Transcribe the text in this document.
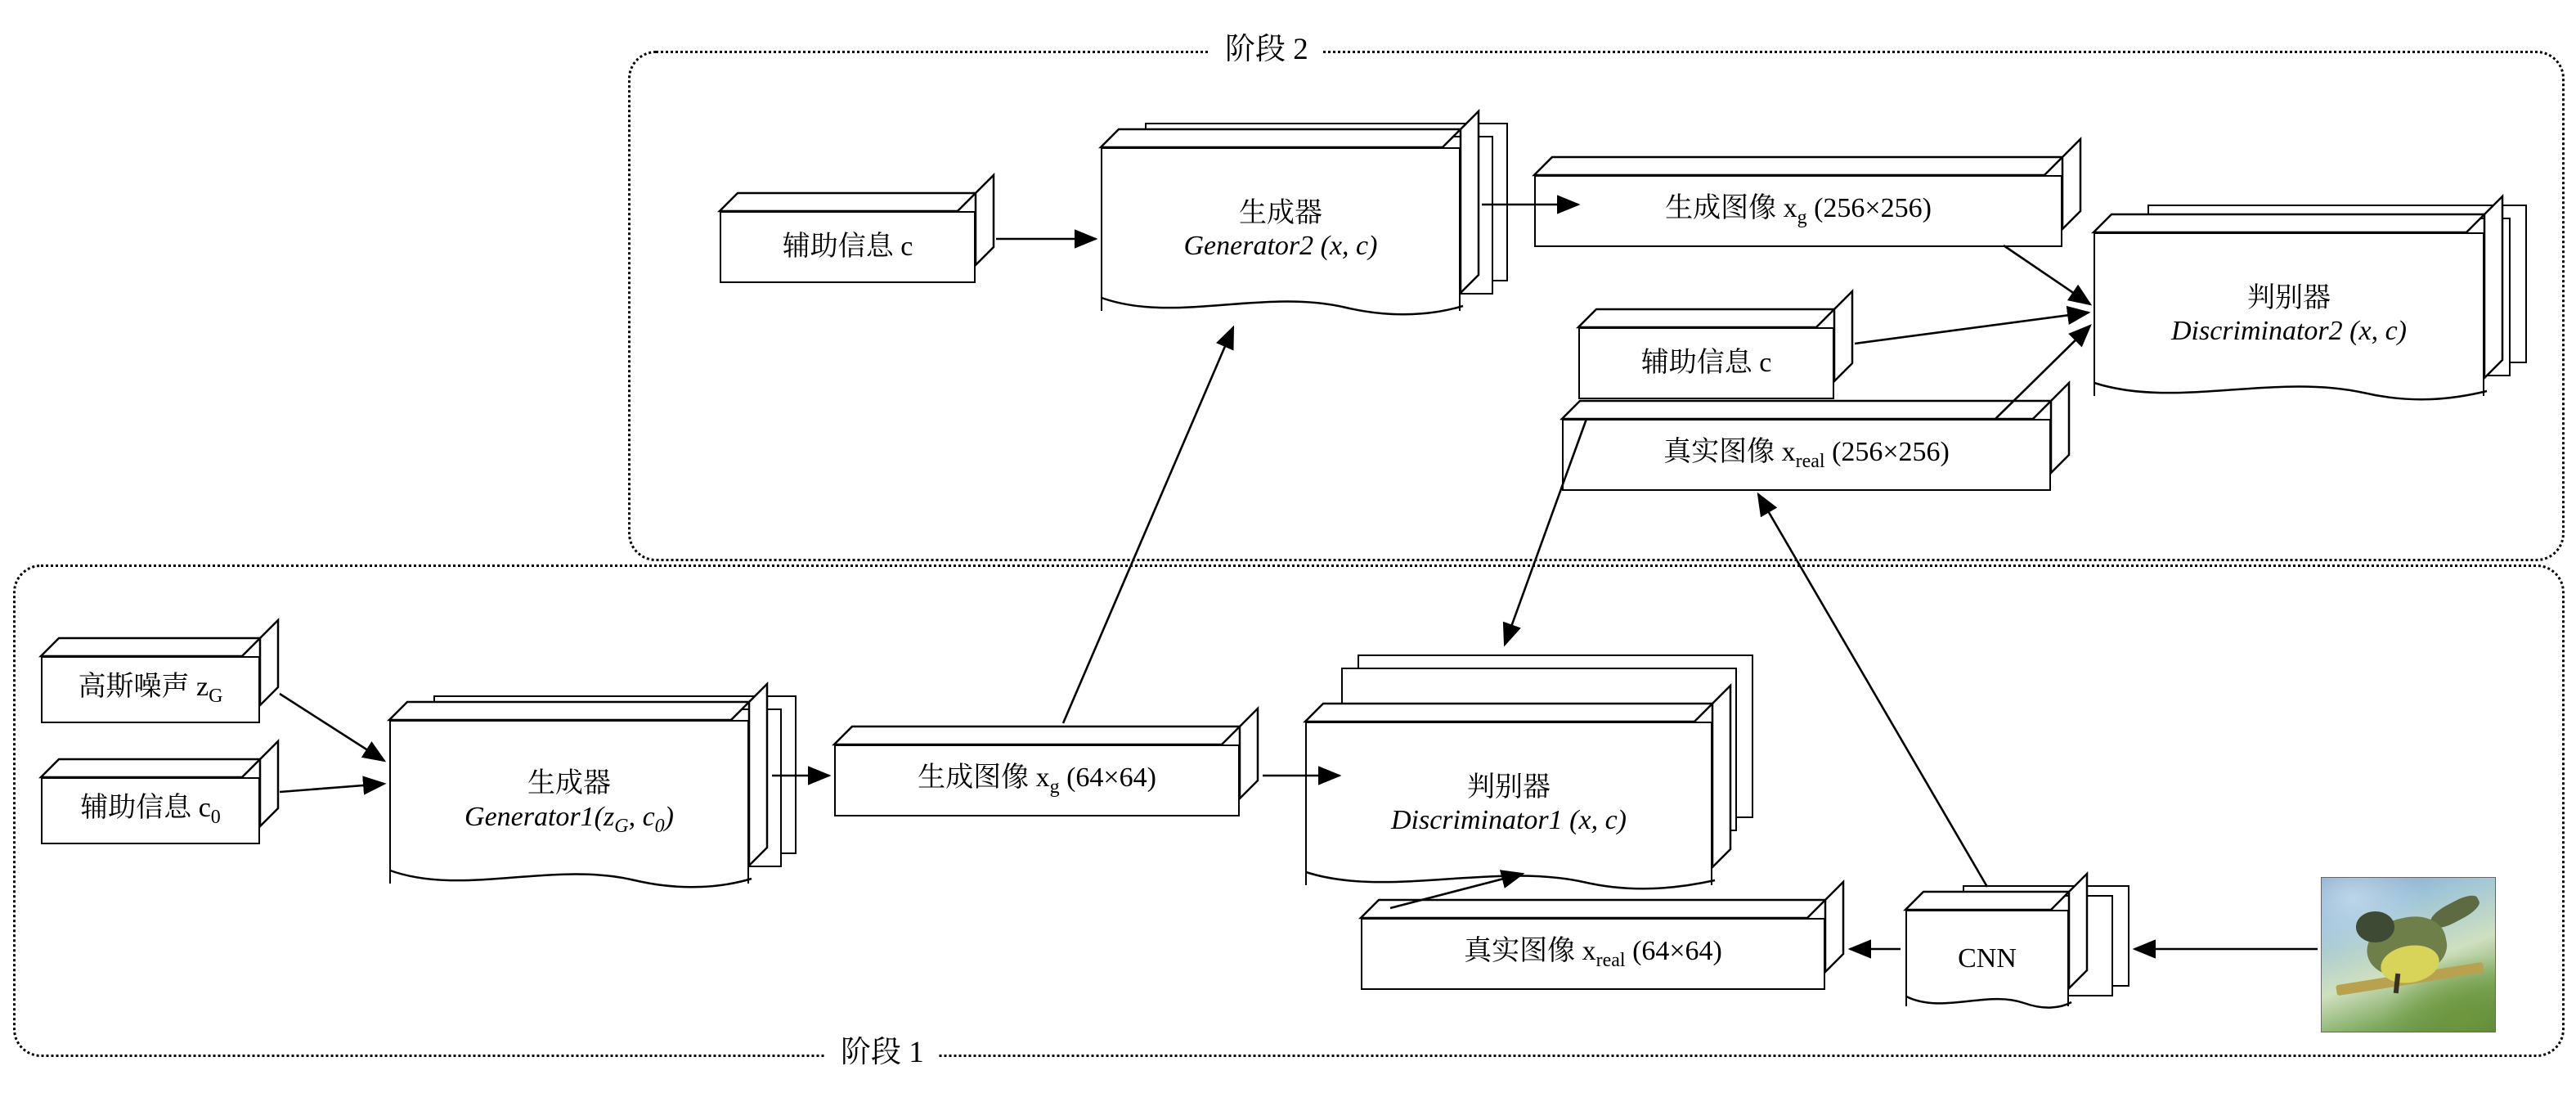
阶段 2
阶段 1
辅助信息 c
生成器
Generator2 (x, c)
生成图像 $x_g$ (256×256)
辅助信息 c
真实图像 $x_{real}$ (256×256)
判别器
Discriminator2 (x, c)
高斯噪声 $z_G$
辅助信息 $c_0$
生成器
$Generator1(z_G$, $c_0$)
生成图像 $x_g$ (64×64)	判别器
Discriminator1 (x, c)
真实图像 $x_{real}$ (64×64)	CNN
